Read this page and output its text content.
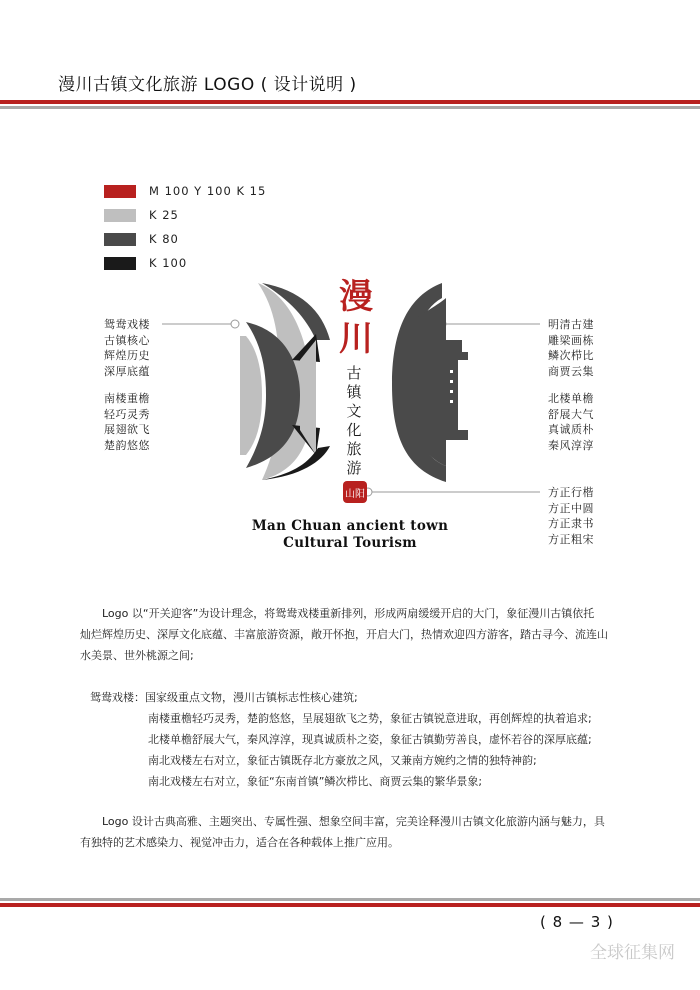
漫川古镇文化旅游 LOGO ( 设计说明 )
M 100 Y 100 K 15
K 25
K 80
K 100
漫
川
古
镇
文
化
旅
游
山阳
鸳鸯戏楼
古镇核心
辉煌历史
深厚底蕴
南楼重檐
轻巧灵秀
展翅欲飞
楚韵悠悠
明清古建
雕梁画栋
鳞次栉比
商贾云集
北楼单檐
舒展大气
真诚质朴
秦风淳淳
方正行楷
方正中圆
方正隶书
方正粗宋
Man Chuan ancient town
Cultural Tourism
Logo 以“开关迎客”为设计理念，将鸳鸯戏楼重新排列，形成两扇缓缓开启的大门，象征漫川古镇依托
灿烂辉煌历史、深厚文化底蕴、丰富旅游资源，敞开怀抱，开启大门，热情欢迎四方游客，踏古寻今、流连山
水美景、世外桃源之间;
鸳鸯戏楼：国家级重点文物，漫川古镇标志性核心建筑;
南楼重檐轻巧灵秀，楚韵悠悠，呈展翅欲飞之势，象征古镇锐意进取，再创辉煌的执着追求;
北楼单檐舒展大气，秦风淳淳，现真诚质朴之姿，象征古镇勤劳善良，虚怀若谷的深厚底蕴;
南北戏楼左右对立，象征古镇既存北方豪放之风，又兼南方婉约之情的独特神韵;
南北戏楼左右对立，象征“东南首镇”鳞次栉比、商贾云集的繁华景象;
Logo 设计古典高雅、主题突出、专属性强、想象空间丰富，完美诠释漫川古镇文化旅游内涵与魅力，具
有独特的艺术感染力、视觉冲击力，适合在各种载体上推广应用。
( 8 — 3 )
全球征集网
